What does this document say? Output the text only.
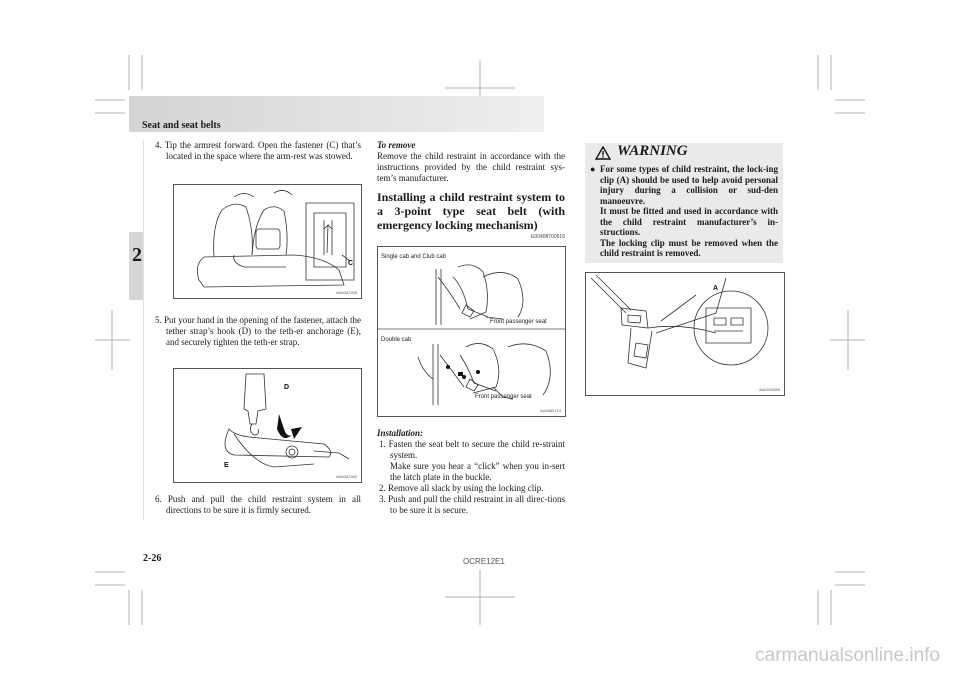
Seat and seat belts
2

4. Tip the armrest forward. Open the fastener (C) that’s located in the space where the arm-rest was stowed.

C
AA0057259

5. Put your hand in the opening of the fastener, attach the tether strap’s hook (D) to the teth-er anchorage (E), and securely tighten the teth-er strap.

D
E
AA0057262

6. Push and pull the child restraint system in all directions to be sure it is firmly secured.

To remove
Remove the child restraint in accordance with the instructions provided by the child restraint sys-tem’s manufacturer.

Installing a child restraint system to a 3-point type seat belt (with emergency locking mechanism)

E00408700516
Single cab and Club cab
Front passenger seat
Double cab
Front passenger seat
AA3080714
Installation:

1. Fasten the seat belt to secure the child re-straint system.
Make sure you hear a “click” when you in-sert the latch plate in the buckle.

2. Remove all slack by using the locking clip.

3. Push and pull the child restraint in all direc-tions to be sure it is secure.

WARNING
● For some types of child restraint, the lock-ing clip (A) should be used to help avoid personal injury during a collision or sud-den manoeuvre.
It must be fitted and used in accordance with the child restraint manufacturer’s in-structions.
The locking clip must be removed when the child restraint is removed.
A
AA0024655
2-26	OCRE12E1
carmanualsonline.info
